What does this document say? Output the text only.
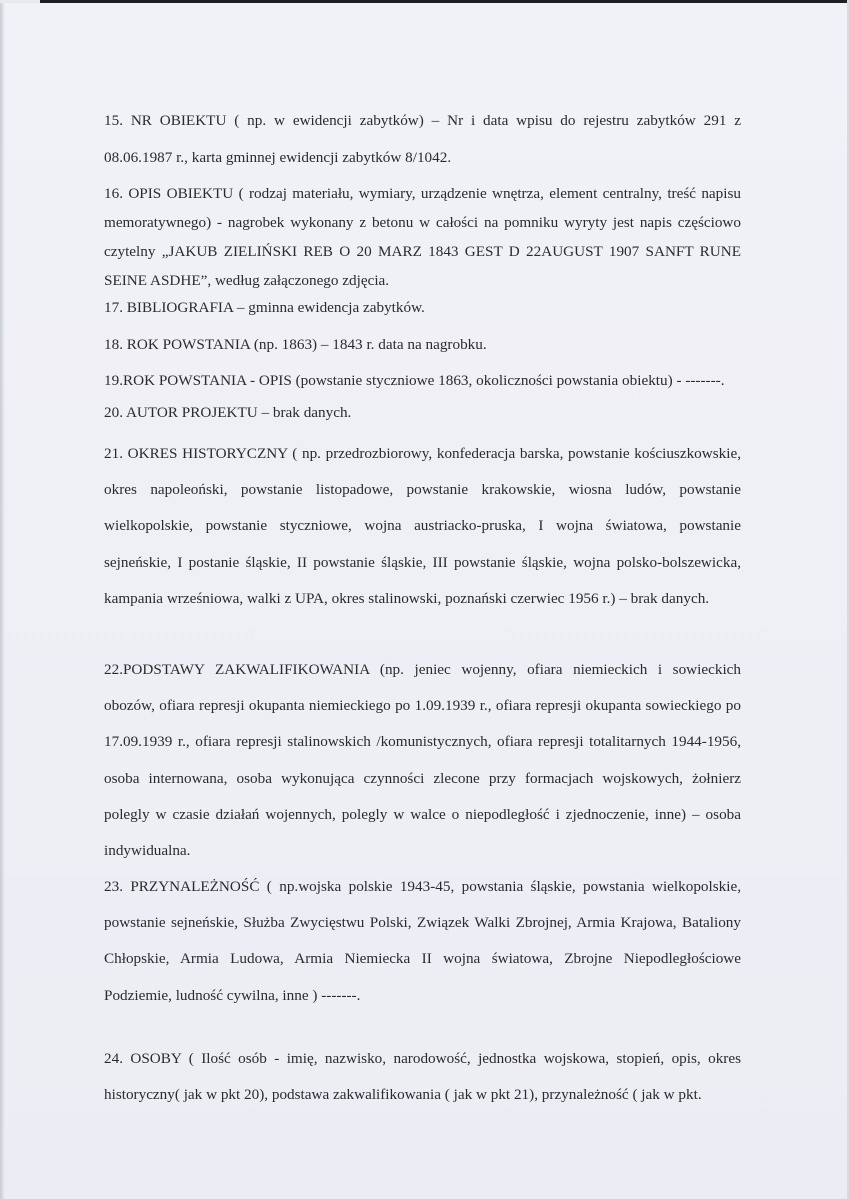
15. NR OBIEKTU ( np. w ewidencji zabytków) – Nr i data wpisu do rejestru zabytków 291 z 08.06.1987 r., karta gminnej ewidencji zabytków 8/1042.

16. OPIS OBIEKTU ( rodzaj materiału, wymiary, urządzenie wnętrza, element centralny, treść napisu memoratywnego) - nagrobek wykonany z betonu w całości na pomniku wyryty jest napis częściowo czytelny „JAKUB ZIELIŃSKI REB O 20 MARZ 1843 GEST D 22AUGUST 1907 SANFT RUNE SEINE ASDHE”, według załączonego zdjęcia.

17. BIBLIOGRAFIA – gminna ewidencja zabytków.

18. ROK POWSTANIA (np. 1863) – 1843 r. data na nagrobku.

19.ROK POWSTANIA - OPIS (powstanie styczniowe 1863, okoliczności powstania obiektu) - -------.

20. AUTOR PROJEKTU – brak danych.

21. OKRES HISTORYCZNY ( np. przedrozbiorowy, konfederacja barska, powstanie kościuszkowskie, okres napoleoński, powstanie listopadowe, powstanie krakowskie, wiosna ludów, powstanie wielkopolskie, powstanie styczniowe, wojna austriacko-pruska, I wojna światowa, powstanie sejneńskie, I postanie śląskie, II powstanie śląskie, III powstanie śląskie, wojna polsko-bolszewicka, kampania wrześniowa, walki z UPA, okres stalinowski, poznański czerwiec 1956 r.) – brak danych.

22.PODSTAWY ZAKWALIFIKOWANIA (np. jeniec wojenny, ofiara niemieckich i sowieckich obozów, ofiara represji okupanta niemieckiego po 1.09.1939 r., ofiara represji okupanta sowieckiego po 17.09.1939 r., ofiara represji stalinowskich /komunistycznych, ofiara represji totalitarnych 1944-1956, osoba internowana, osoba wykonująca czynności zlecone przy formacjach wojskowych, żołnierz polegly w czasie działań wojennych, polegly w walce o niepodległość i zjednoczenie, inne) – osoba indywidualna.

23. PRZYNALEŻNOŚĆ ( np.wojska polskie 1943-45, powstania śląskie, powstania wielkopolskie, powstanie sejneńskie, Służba Zwycięstwu Polski, Związek Walki Zbrojnej, Armia Krajowa, Bataliony Chłopskie, Armia Ludowa, Armia Niemiecka II wojna światowa, Zbrojne Niepodległościowe Podziemie, ludność cywilna, inne ) -------.

24. OSOBY ( Ilość osób - imię, nazwisko, narodowość, jednostka wojskowa, stopień, opis, okres historyczny( jak w pkt 20), podstawa zakwalifikowania ( jak w pkt 21), przynależność ( jak w pkt.
